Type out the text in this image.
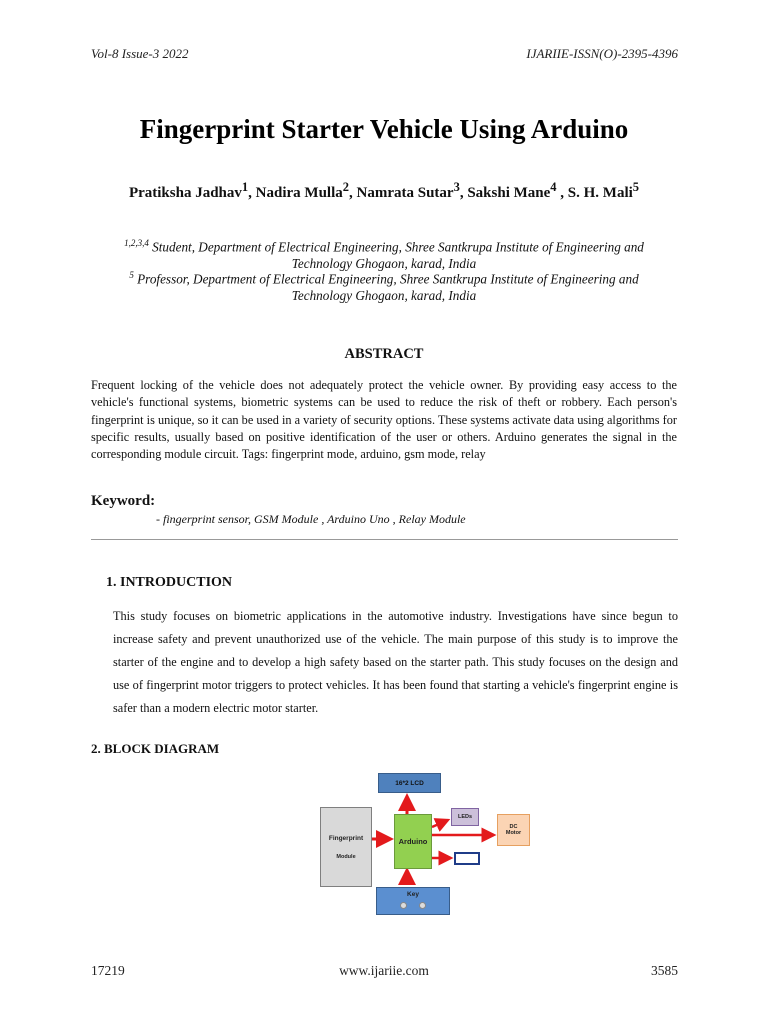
Vol-8 Issue-3 2022	IJARIIE-ISSN(O)-2395-4396
Fingerprint Starter Vehicle Using Arduino
Pratiksha Jadhav$^1$, Nadira Mulla$^2$, Namrata Sutar$^3$, Sakshi Mane$^4$ , S. H. Mali$^5$
$^{1,2,3,4}$ Student, Department of Electrical Engineering, Shree Santkrupa Institute of Engineering and
Technology Ghogaon, karad, India
$^5$ Professor, Department of Electrical Engineering, Shree Santkrupa Institute of Engineering and
Technology Ghogaon, karad, India
ABSTRACT
Frequent locking of the vehicle does not adequately protect the vehicle owner. By providing easy access to the vehicle's functional systems, biometric systems can be used to reduce the risk of theft or robbery. Each person's fingerprint is unique, so it can be used in a variety of security options. These systems activate data using algorithms for specific results, usually based on positive identification of the user or others. Arduino generates the signal in the corresponding module circuit. Tags: fingerprint mode, arduino, gsm mode, relay
Keyword:
- fingerprint sensor, GSM Module , Arduino Uno , Relay Module
1. INTRODUCTION
This study focuses on biometric applications in the automotive industry. Investigations have since begun to increase safety and prevent unauthorized use of the vehicle. The main purpose of this study is to improve the starter of the engine and to develop a high safety based on the starter path. This study focuses on the design and use of fingerprint motor triggers to protect vehicles. It has been found that starting a vehicle's fingerprint engine is safer than a modern electric motor starter.
2. BLOCK DIAGRAM
16*2 LCD
Fingerprint
Module
Arduino
LEDs
DC
Motor
Key
17219	www.ijariie.com	3585
